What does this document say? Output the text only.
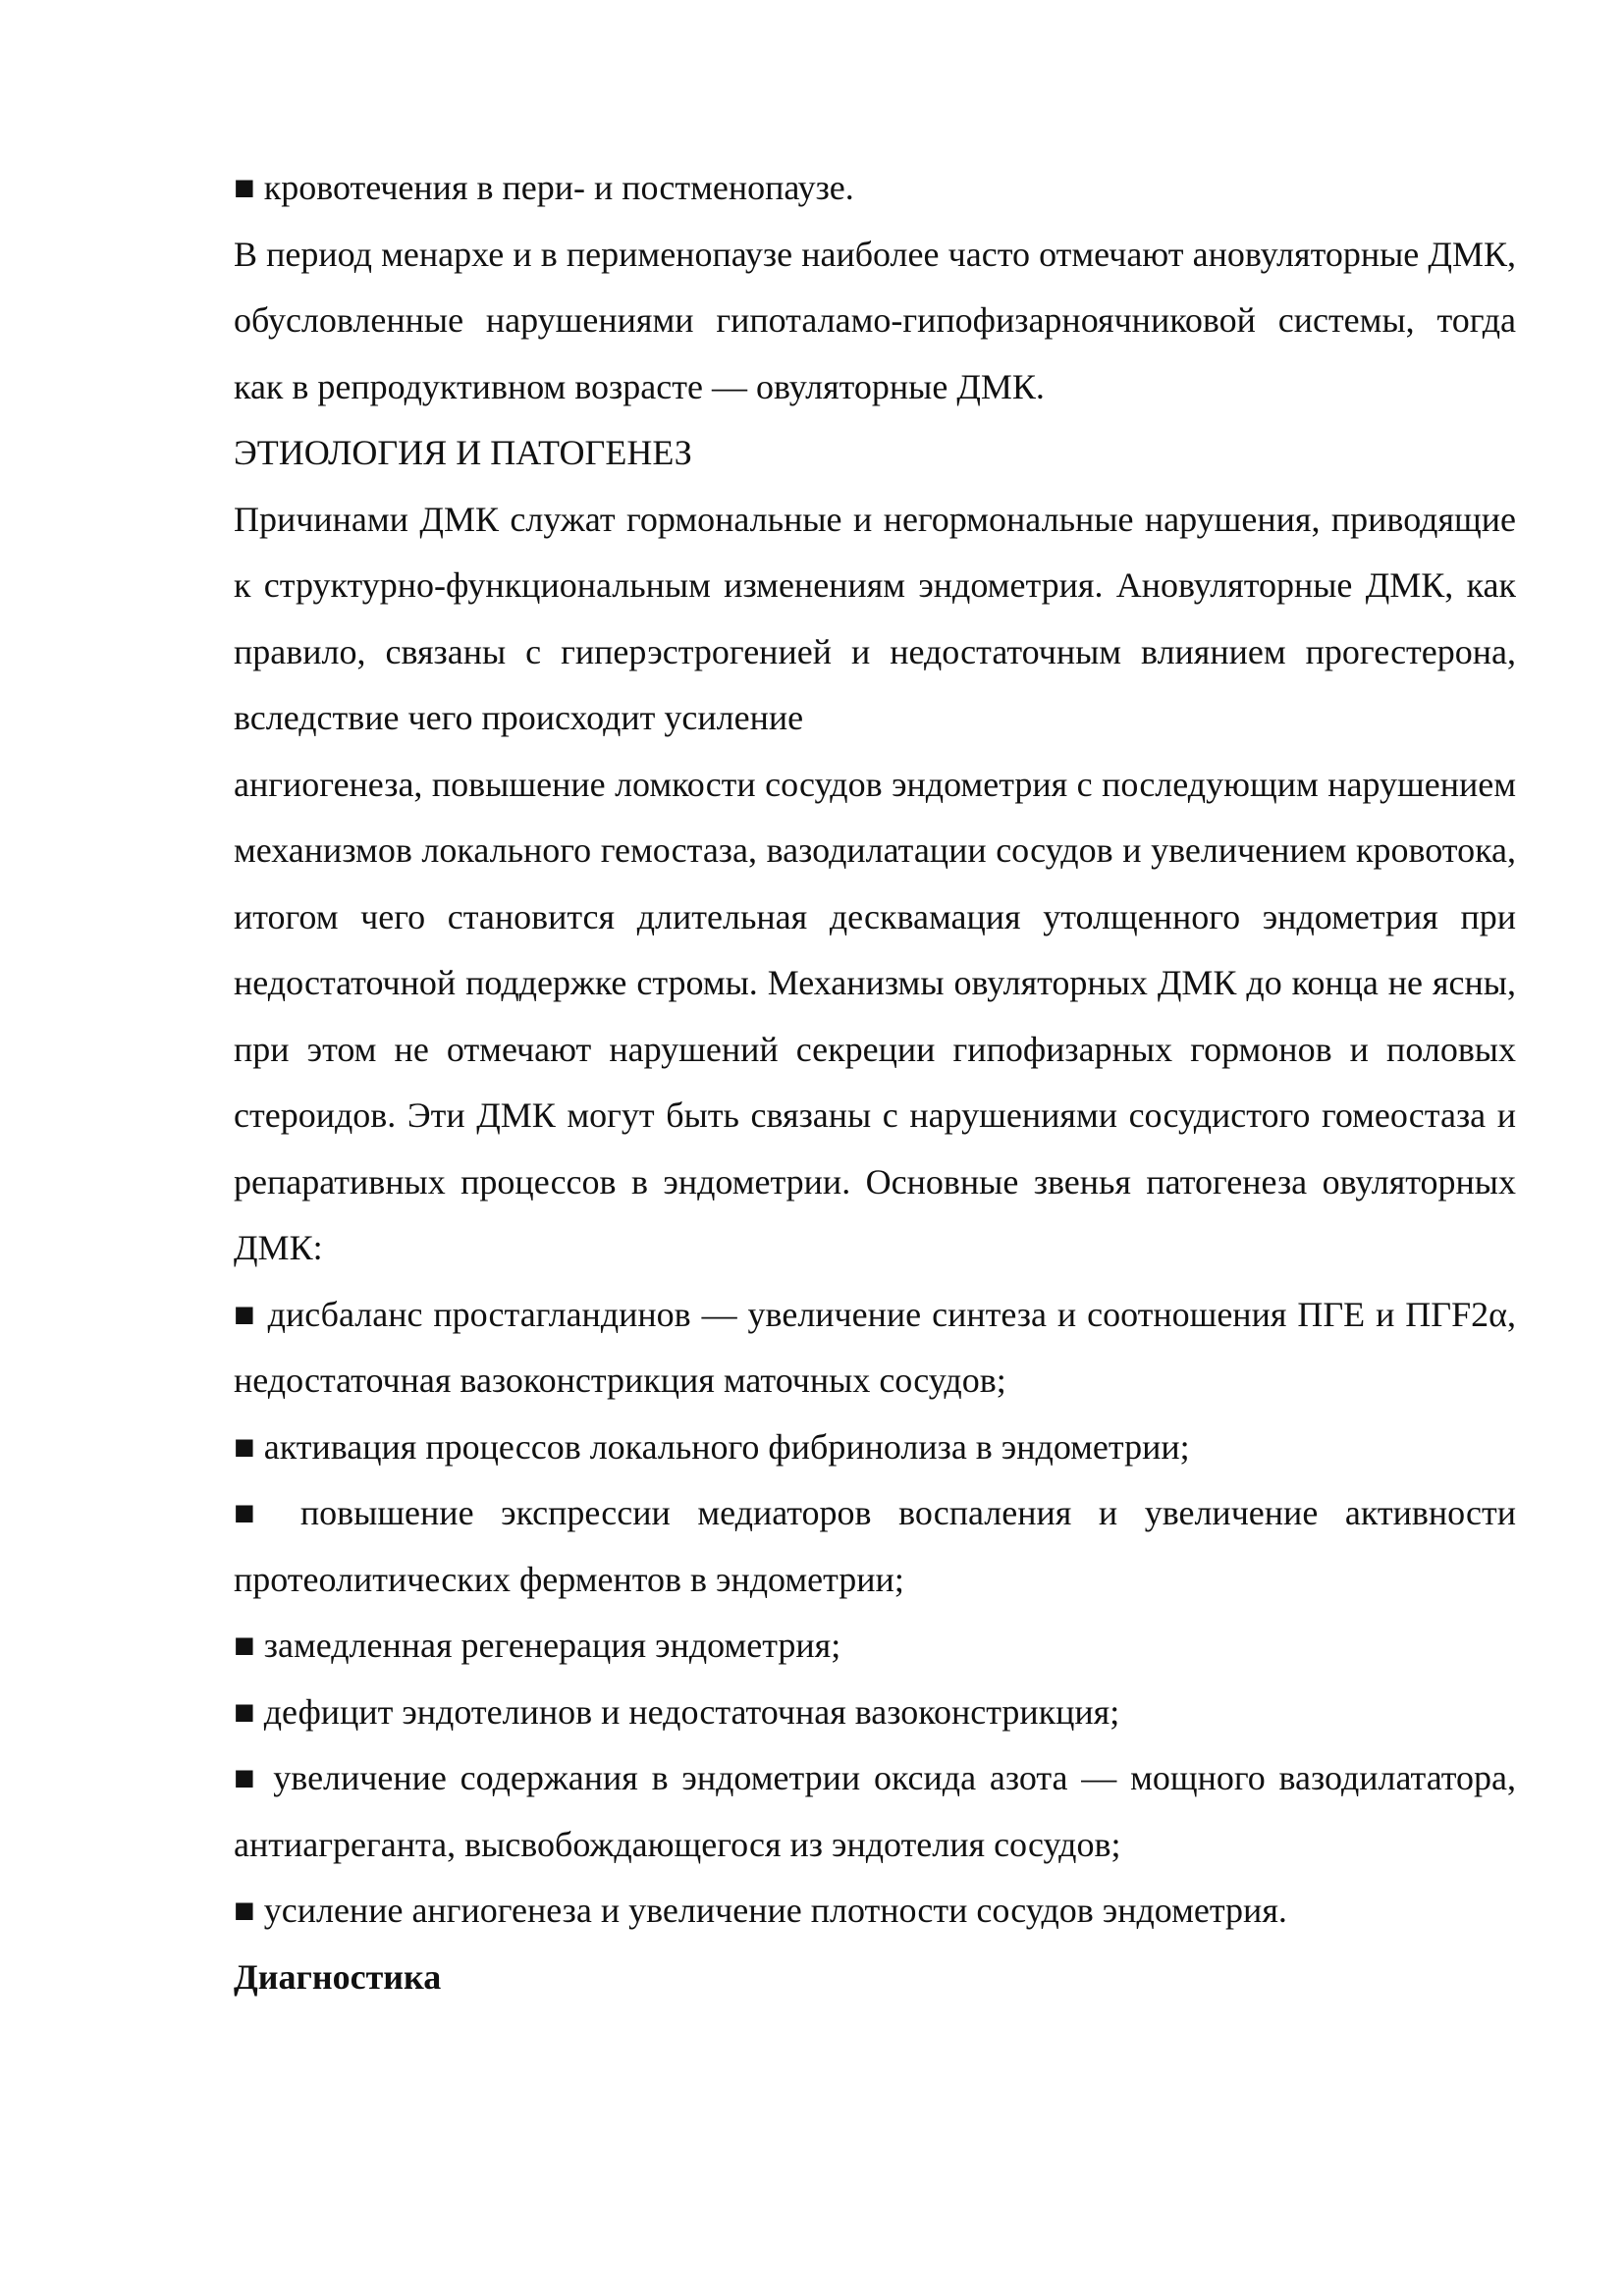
■ кровотечения в пери- и постменопаузе.

В период менархе и в перименопаузе наиболее часто отмечают ановуляторные ДМК, обусловленные нарушениями гипоталамо-гипофизарноячниковой системы, тогда как в репродуктивном возрасте — овуляторные ДМК.

ЭТИОЛОГИЯ И ПАТОГЕНЕЗ

Причинами ДМК служат гормональные и негормональные нарушения, приводящие к структурно-функциональным изменениям эндометрия. Ановуляторные ДМК, как правило, связаны с гиперэстрогенией и недостаточным влиянием прогестерона, вследствие чего происходит усиление

ангиогенеза, повышение ломкости сосудов эндометрия с последующим нарушением механизмов локального гемостаза, вазодилатации сосудов и увеличением кровотока, итогом чего становится длительная десквамация утолщенного эндометрия при недостаточной поддержке стромы. Механизмы овуляторных ДМК до конца не ясны, при этом не отмечают нарушений секреции гипофизарных гормонов и половых стероидов. Эти ДМК могут быть связаны с нарушениями сосудистого гомеостаза и репаративных процессов в эндометрии. Основные звенья патогенеза овуляторных ДМК:

■ дисбаланс простагландинов — увеличение синтеза и соотношения ПГЕ и ПГF2α, недостаточная вазоконстрикция маточных сосудов;

■ активация процессов локального фибринолиза в эндометрии;

■ повышение экспрессии медиаторов воспаления и увеличение активности протеолитических ферментов в эндометрии;

■ замедленная регенерация эндометрия;

■ дефицит эндотелинов и недостаточная вазоконстрикция;

■ увеличение содержания в эндометрии оксида азота — мощного вазодилататора, антиагреганта, высвобождающегося из эндотелия сосудов;

■ усиление ангиогенеза и увеличение плотности сосудов эндометрия.

Диагностика
